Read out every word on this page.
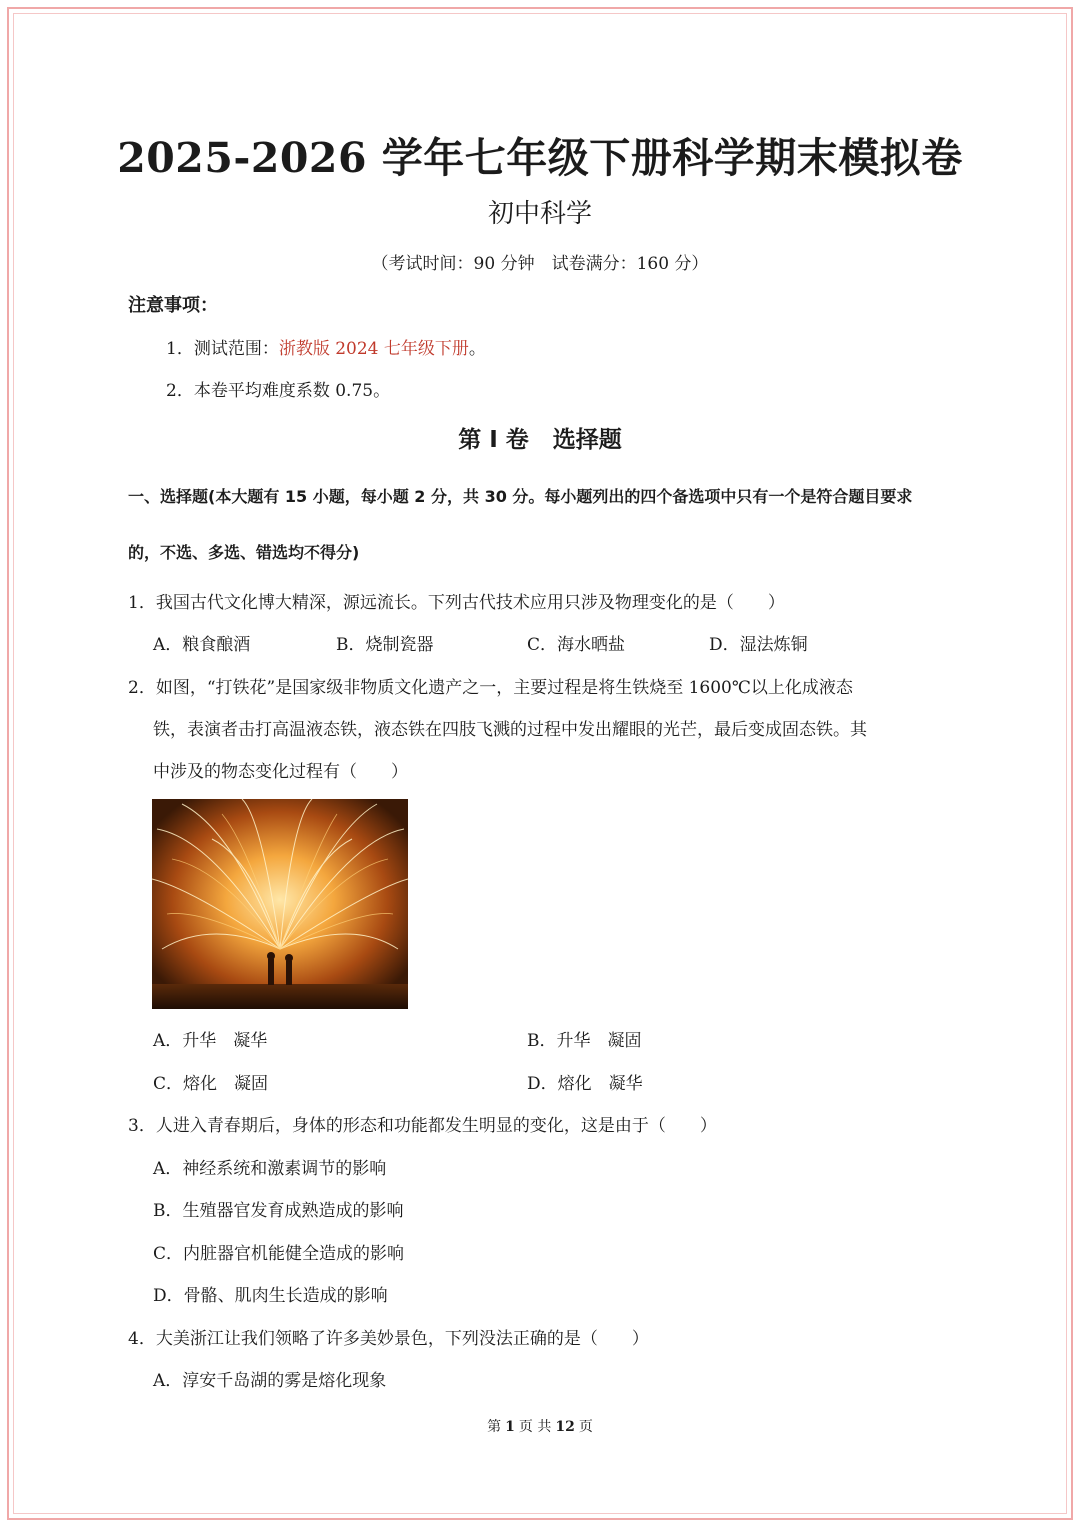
2025-2026 学年七年级下册科学期末模拟卷
初中科学
（考试时间：90 分钟　试卷满分：160 分）
注意事项：
1．测试范围：浙教版 2024 七年级下册。
2．本卷平均难度系数 0.75。
第 I 卷 选择题
一、选择题(本大题有 15 小题，每小题 2 分，共 30 分。每小题列出的四个备选项中只有一个是符合题目要求
的，不选、多选、错选均不得分)
1．我国古代文化博大精深，源远流长。下列古代技术应用只涉及物理变化的是（　　）
A．粮食酿酒	B．烧制瓷器	C．海水晒盐	D．湿法炼铜
2．如图，“打铁花”是国家级非物质文化遗产之一，主要过程是将生铁烧至 1600℃以上化成液态
铁，表演者击打高温液态铁，液态铁在四肢飞溅的过程中发出耀眼的光芒，最后变成固态铁。其
中涉及的物态变化过程有（　　）
A．升华　凝华	B．升华　凝固
C．熔化　凝固	D．熔化　凝华
3．人进入青春期后，身体的形态和功能都发生明显的变化，这是由于（　　）
A．神经系统和激素调节的影响
B．生殖器官发育成熟造成的影响
C．内脏器官机能健全造成的影响
D．骨骼、肌肉生长造成的影响
4．大美浙江让我们领略了许多美妙景色，下列没法正确的是（　　）
A．淳安千岛湖的雾是熔化现象
第 1 页 共 12 页
